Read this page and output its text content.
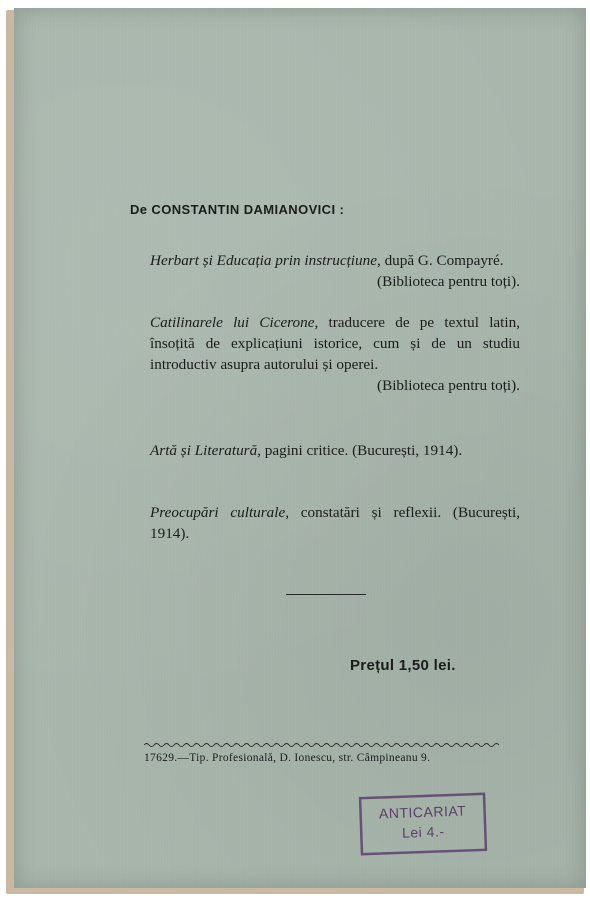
De CONSTANTIN DAMIANOVICI :
Herbart și Educația prin instrucțiune, după G. Compayré.
(Biblioteca pentru toți).
Catilinarele lui Cicerone, traducere de pe textul latin, însoțită de explicațiuni istorice, cum și de un studiu introductiv asupra autorului și operei.
(Biblioteca pentru toți).
Artă și Literatură, pagini critice. (București, 1914).
Preocupări culturale, constatări și reflexii. (București, 1914).
Prețul 1,50 lei.
17629.—Tip. Profesională, D. Ionescu, str. Câmpineanu 9.
ANTICARIAT
Lei 4.-
